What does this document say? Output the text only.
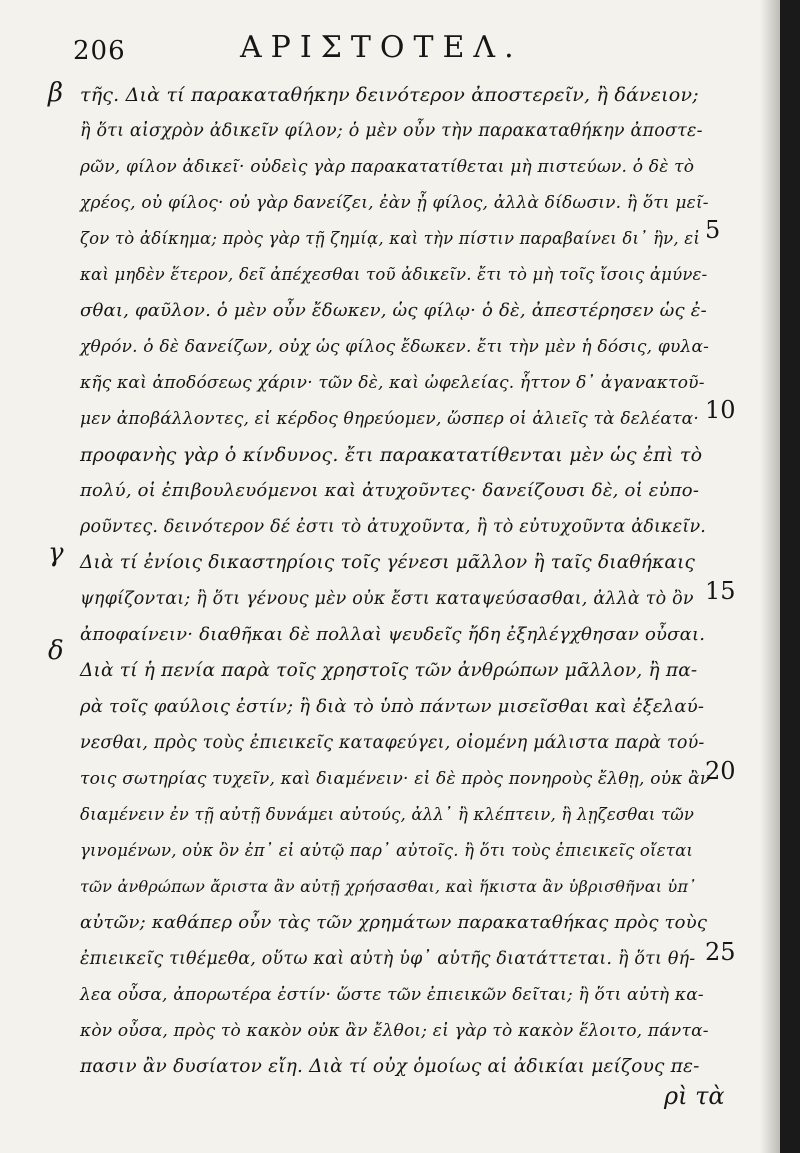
206	ΑΡΙΣΤΟΤΕΛ.
β
γ
δ
5
10
15
20
25
τῆς. Διὰ τί παρακαταθήκην δεινότερον ἀποστερεῖν, ἢ δάνειον;
ἢ ὅτι αἰσχρὸν ἀδικεῖν φίλον; ὁ μὲν οὖν τὴν παρακαταθήκην ἀποστε-
ρῶν, φίλον ἀδικεῖ· οὐδεὶς γὰρ παρακατατίθεται μὴ πιστεύων. ὁ δὲ τὸ
χρέος, οὐ φίλος· οὐ γὰρ δανείζει, ἐὰν ᾖ φίλος, ἀλλὰ δίδωσιν. ἢ ὅτι μεῖ-
ζον τὸ ἀδίκημα; πρὸς γὰρ τῇ ζημίᾳ, καὶ τὴν πίστιν παραβαίνει δι᾽ ἣν, εἰ
καὶ μηδὲν ἕτερον, δεῖ ἀπέχεσθαι τοῦ ἀδικεῖν. ἔτι τὸ μὴ τοῖς ἴσοις ἀμύνε-
σθαι, φαῦλον. ὁ μὲν οὖν ἔδωκεν, ὡς φίλῳ· ὁ δὲ, ἀπεστέρησεν ὡς ἐ-
χθρόν. ὁ δὲ δανείζων, οὐχ ὡς φίλος ἔδωκεν. ἔτι τὴν μὲν ἡ δόσις, φυλα-
κῆς καὶ ἀποδόσεως χάριν· τῶν δὲ, καὶ ὠφελείας. ἧττον δ᾽ ἀγανακτοῦ-
μεν ἀποβάλλοντες, εἰ κέρδος θηρεύομεν, ὥσπερ οἱ ἁλιεῖς τὰ δελέατα·
προφανὴς γὰρ ὁ κίνδυνος. ἔτι παρακατατίθενται μὲν ὡς ἐπὶ τὸ
πολύ, οἱ ἐπιβουλευόμενοι καὶ ἀτυχοῦντες· δανείζουσι δὲ, οἱ εὐπο-
ροῦντες. δεινότερον δέ ἐστι τὸ ἀτυχοῦντα, ἢ τὸ εὐτυχοῦντα ἀδικεῖν.
Διὰ τί ἐνίοις δικαστηρίοις τοῖς γένεσι μᾶλλον ἢ ταῖς διαθήκαις
ψηφίζονται; ἢ ὅτι γένους μὲν οὐκ ἔστι καταψεύσασθαι, ἀλλὰ τὸ ὂν
ἀποφαίνειν· διαθῆκαι δὲ πολλαὶ ψευδεῖς ἤδη ἐξηλέγχθησαν οὖσαι.
Διὰ τί ἡ πενία παρὰ τοῖς χρηστοῖς τῶν ἀνθρώπων μᾶλλον, ἢ πα-
ρὰ τοῖς φαύλοις ἐστίν; ἢ διὰ τὸ ὑπὸ πάντων μισεῖσθαι καὶ ἐξελαύ-
νεσθαι, πρὸς τοὺς ἐπιεικεῖς καταφεύγει, οἰομένη μάλιστα παρὰ τού-
τοις σωτηρίας τυχεῖν, καὶ διαμένειν· εἰ δὲ πρὸς πονηροὺς ἔλθῃ, οὐκ ἂν
διαμένειν ἐν τῇ αὐτῇ δυνάμει αὐτούς, ἀλλ᾽ ἢ κλέπτειν, ἢ λῃζεσθαι τῶν
γινομένων, οὐκ ὂν ἐπ᾽ εἰ αὐτῷ παρ᾽ αὐτοῖς. ἢ ὅτι τοὺς ἐπιεικεῖς οἴεται
τῶν ἀνθρώπων ἄριστα ἂν αὐτῇ χρήσασθαι, καὶ ἥκιστα ἂν ὑβρισθῆναι ὑπ᾽
αὐτῶν; καθάπερ οὖν τὰς τῶν χρημάτων παρακαταθήκας πρὸς τοὺς
ἐπιεικεῖς τιθέμεθα, οὕτω καὶ αὐτὴ ὑφ᾽ αὑτῆς διατάττεται. ἢ ὅτι θή-
λεα οὖσα, ἀπορωτέρα ἐστίν· ὥστε τῶν ἐπιεικῶν δεῖται; ἢ ὅτι αὐτὴ κα-
κὸν οὖσα, πρὸς τὸ κακὸν οὐκ ἂν ἔλθοι; εἰ γὰρ τὸ κακὸν ἕλοιτο, πάντα-
πασιν ἂν δυσίατον εἴη. Διὰ τί οὐχ ὁμοίως αἱ ἀδικίαι μείζους πε-
ρὶ τὰ
